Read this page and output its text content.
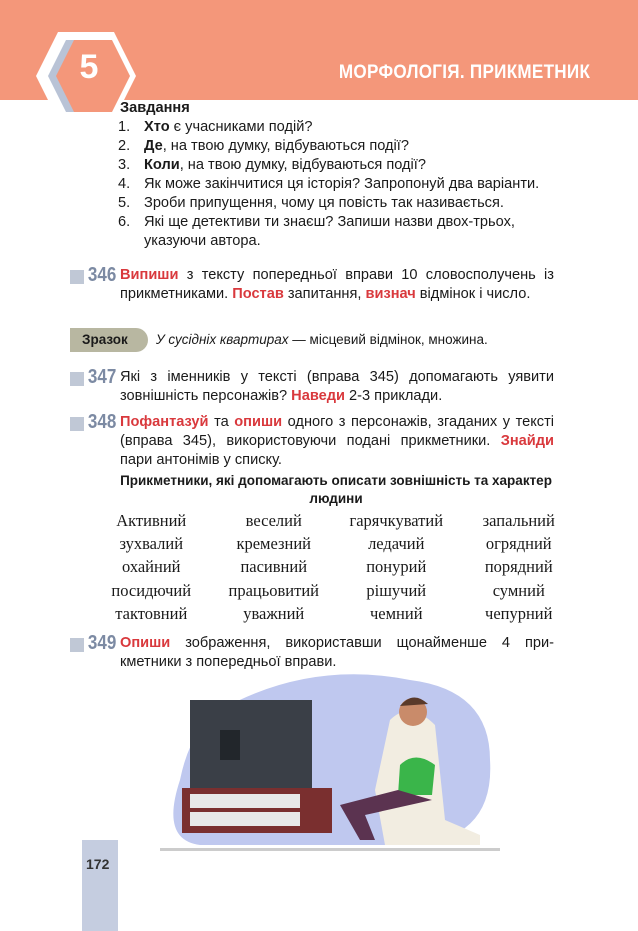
5	МОРФОЛОГІЯ. ПРИКМЕТНИК
Завдання
1. Хто є учасниками подій?
2. Де, на твою думку, відбуваються події?
3. Коли, на твою думку, відбуваються події?
4. Як може закінчитися ця історія? Запропонуй два варіанти.
5. Зроби припущення, чому ця повість так називається.
6. Які ще детективи ти знаєш? Запиши назви двох-трьох, указуючи автора.
346 Випиши з тексту попередньої вправи 10 словосполучень із прикметниками. Постав запитання, визнач відмінок і число.
Зразок	У сусідніх квартирах — місцевий відмінок, множина.
347 Які з іменників у тексті (вправа 345) допомагають уявити зовнішність персонажів? Наведи 2-3 приклади.
348 Пофантазуй та опиши одного з персонажів, згаданих у тексті (вправа 345), використовуючи подані прикметники. Знайди пари антонімів у списку.
Прикметники, які допомагають описати зовнішність та характер людини
Активний	веселий	гарячкуватий	запальний
зухвалий	кремезний	ледачий	огрядний
охайний	пасивний	понурий	порядний
посидючий	працьовитий	рішучий	сумний
тактовний	уважний	чемний	чепурний
349 Опиши зображення, використавши щонайменше 4 прикметники з попередньої вправи.
172
